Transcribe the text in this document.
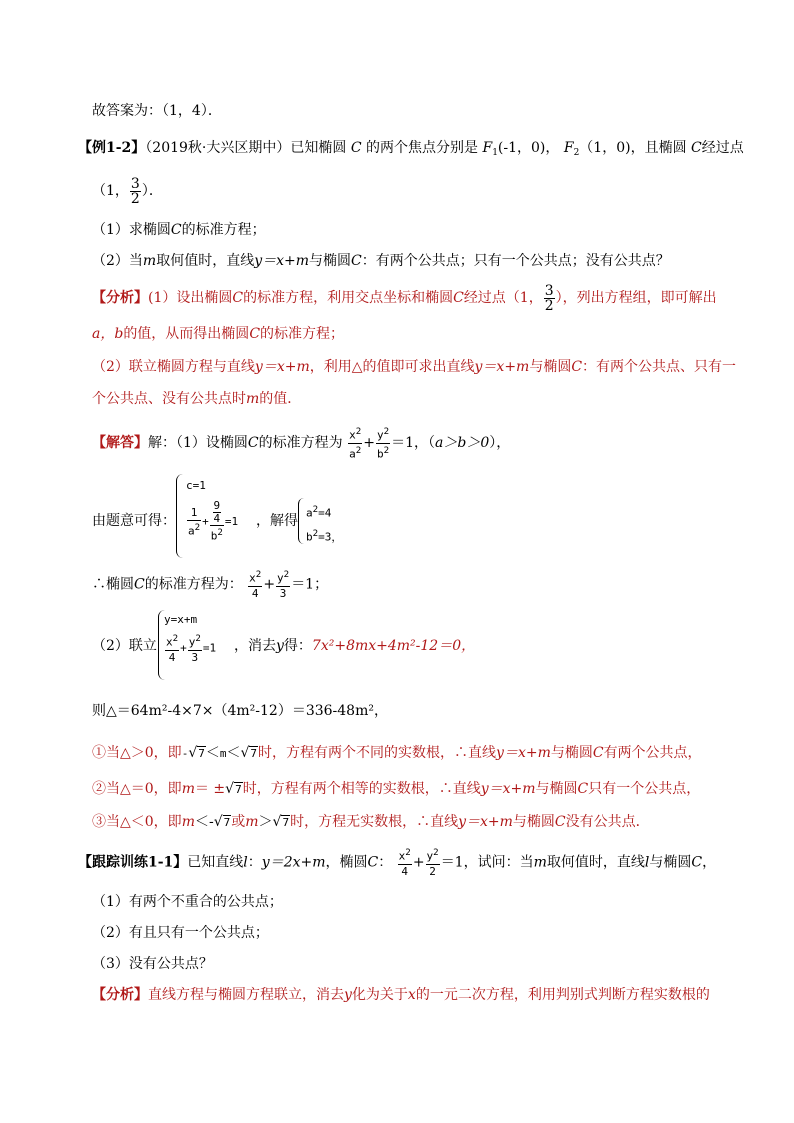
故答案为：（1，4）．
【例1-2】（2019秋·大兴区期中）已知椭圆 C 的两个焦点分别是 $F_1(-1$，0)， $F_2(1$，0)，且椭圆 C经过点
（1， $\frac{3}{2}$ ）．
（1）求椭圆C的标准方程；
（2）当m取何值时，直线y＝x+m与椭圆C：有两个公共点；只有一个公共点；没有公共点？
【分析】(1）设出椭圆C的标准方程，利用交点坐标和椭圆C经过点（1， $\frac{3}{2}$ ），列出方程组，即可解出
a，b的值，从而得出椭圆C的标准方程；
（2）联立椭圆方程与直线y＝x+m，利用△的值即可求出直线y＝x+m与椭圆C：有两个公共点、只有一
个公共点、没有公共点时m的值．
【解答】解：（1）设椭圆C的标准方程为 $\frac{x^2}{a^2} + \frac{y^2}{b^2} =1$，（a＞b＞0），
由题意可得：
c=1
$\frac{1}{a^2} + \frac{\frac{9}{4}}{b^2} =1$ ，解得 $a^2=4$
$b^2=3$，
∴椭圆C的标准方程为： $\frac{x^2}{4} + \frac{y^2}{3} =1$；
（2）联立
y=x+m
$\frac{x^2}{4} + \frac{y^2}{3} =1$ ，消去y得：7x²+8mx+4m²-12＝0，
则△＝64m²-4×7×（4m²-12）＝336-48m²，
①当△＞0，即-√7＜m＜√7时，方程有两个不同的实数根，∴直线y＝x+m与椭圆C有两个公共点，
②当△＝0，即m＝ ±√7时，方程有两个相等的实数根，∴直线y＝x+m与椭圆C只有一个公共点，
③当△＜0，即m＜-√7或m＞√7时，方程无实数根，∴直线y＝x+m与椭圆C没有公共点．
【跟踪训练1-1】已知直线l：y＝2x+m，椭圆C： $\frac{x^2}{4} + \frac{y^2}{2} =1$，试问：当m取何值时，直线l与椭圆C，
（1）有两个不重合的公共点；
（2）有且只有一个公共点；
（3）没有公共点？
【分析】直线方程与椭圆方程联立，消去y化为关于x的一元二次方程，利用判别式判断方程实数根的
